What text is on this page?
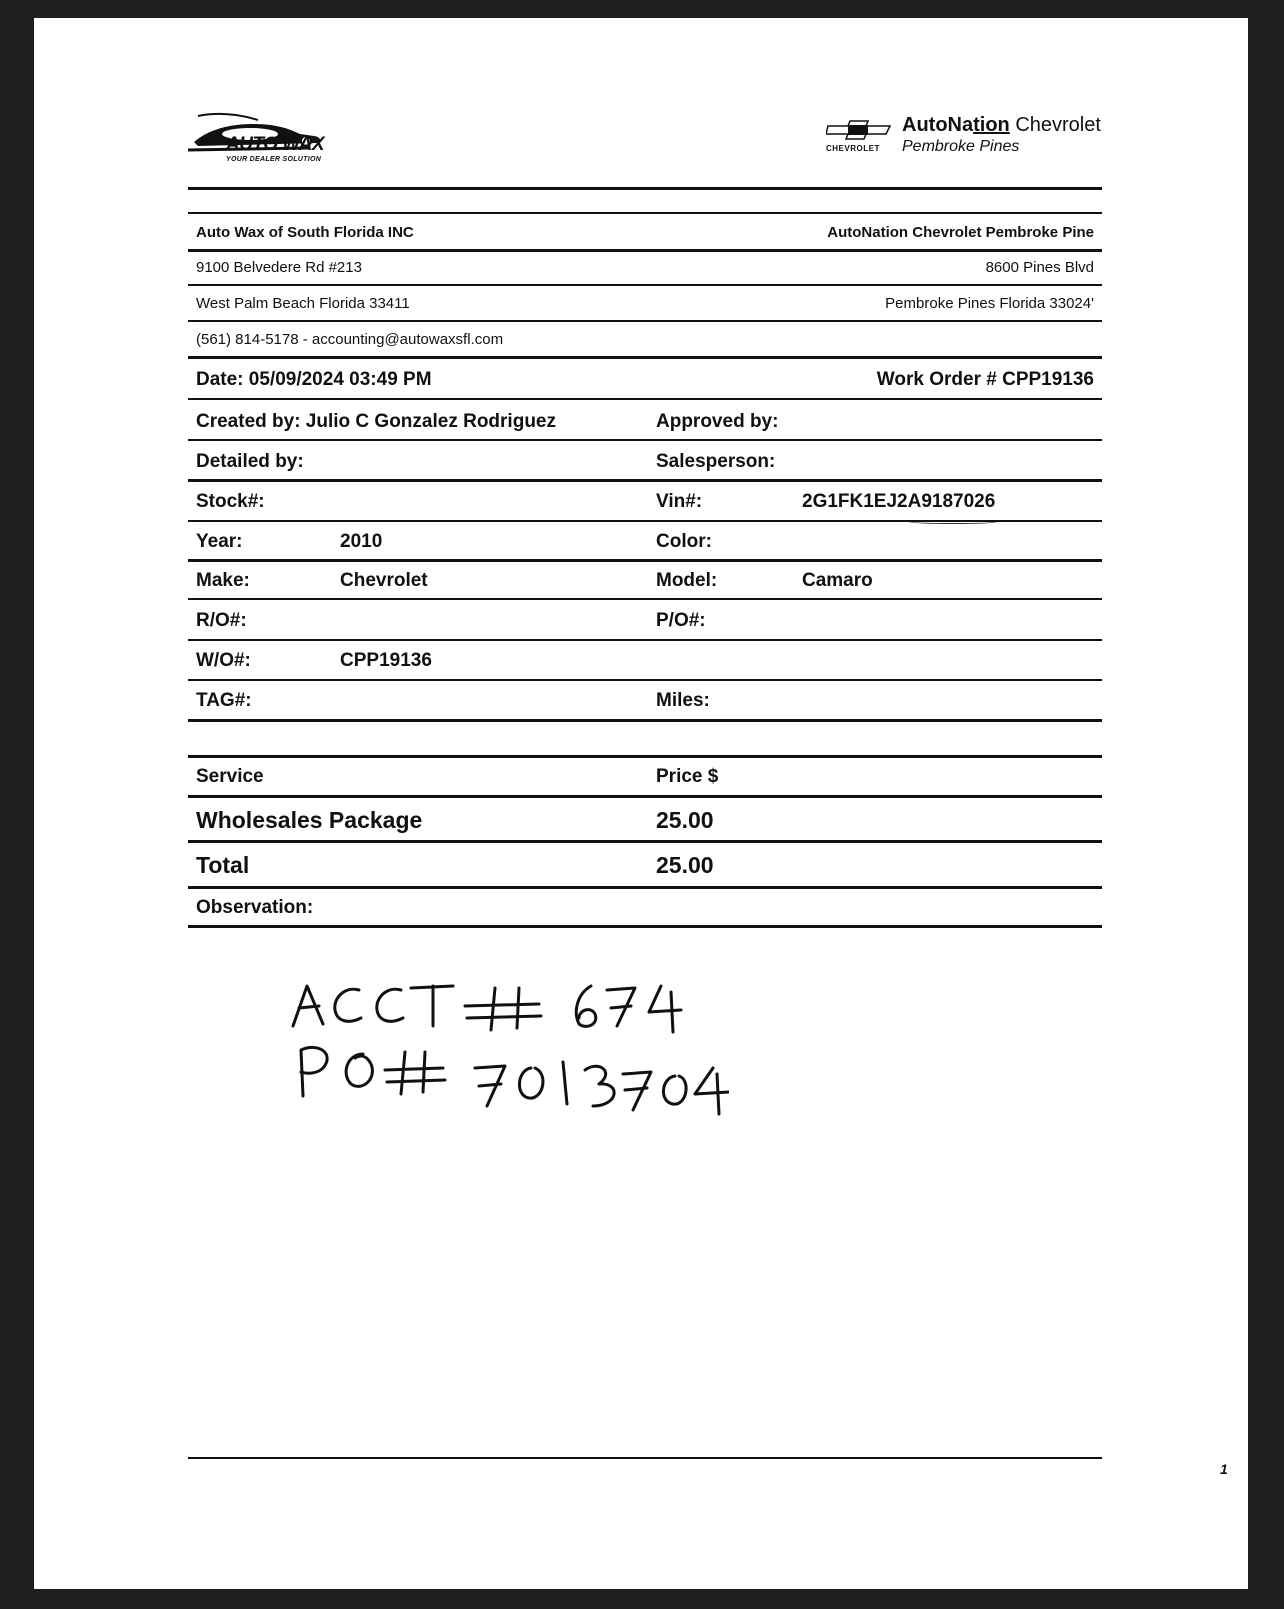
AUTO WAX
YOUR DEALER SOLUTION
CHEVROLET
AutoNation Chevrolet
Pembroke Pines
Auto Wax of South Florida INC	AutoNation Chevrolet Pembroke Pine
9100 Belvedere Rd #213	8600 Pines Blvd
West Palm Beach Florida 33411	Pembroke Pines Florida 33024'
(561) 814-5178 - accounting@autowaxsfl.com
Date: 05/09/2024 03:49 PM	Work Order # CPP19136
Created by: Julio C Gonzalez Rodriguez	Approved by:
Detailed by:	Salesperson:
Stock#:	Vin#:	2G1FK1EJ2A9187026
Year:	2010	Color:
Make:	Chevrolet	Model:	Camaro
R/O#:	P/O#:
W/O#:	CPP19136
TAG#:	Miles:
Service	Price $
Wholesales Package	25.00
Total	25.00
Observation:
1
